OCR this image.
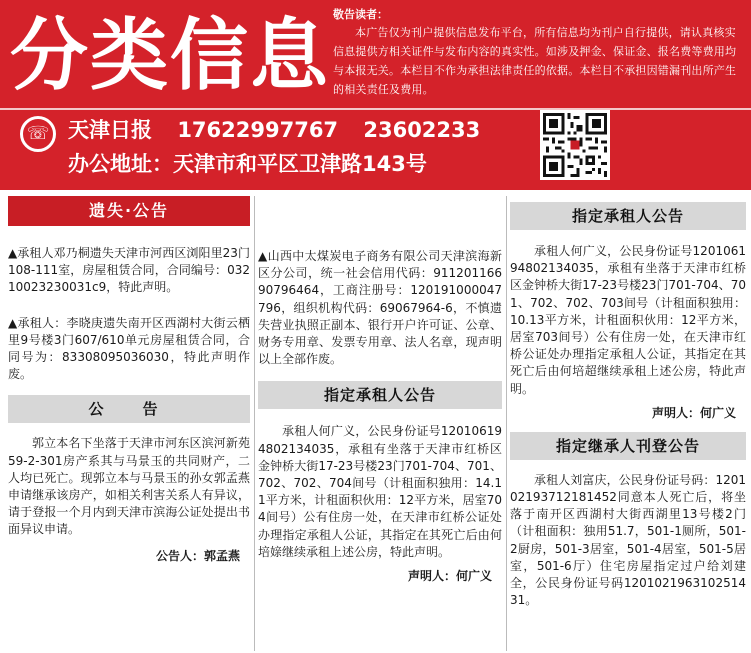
分类信息 敬告读者：
本广告仅为刊户提供信息发布平台，所有信息均为刊户自行提供，请认真核实信息提供方相关证件与发布内容的真实性。如涉及押金、保证金、报名费等费用均与本报无关。本栏目不作为承担法律责任的依据。本栏目不承担因错漏刊出所产生的相关责任及费用。
☏ 天津日报 17622997767 23602233
办公地址：天津市和平区卫津路143号
遗失·公告
▲承租人邓乃桐遗失天津市河西区浏阳里23门108-111室，房屋租赁合同，合同编号：03210023230031c9，特此声明。
▲承租人：李晓庚遗失南开区西湖村大街云栖里9号楼3门607/610单元房屋租赁合同，合同号为：83308095036030，特此声明作废。
公　告
郭立本名下坐落于天津市河东区滨河新苑59-2-301房产系其与马景玉的共同财产，二人均已死亡。现郭立本与马景玉的孙女郭孟燕申请继承该房产，如相关利害关系人有异议，请于登报一个月内到天津市滨海公证处提出书面异议申请。
公告人：郭孟燕
▲山西中太煤炭电子商务有限公司天津滨海新区分公司，统一社会信用代码：91120116690796464，工商注册号：120191000047796，组织机构代码：69067964-6，不慎遗失营业执照正副本、银行开户许可证、公章、财务专用章、发票专用章、法人名章，现声明以上全部作废。
指定承租人公告
承租人何广义，公民身份证号120106194802134035，承租有坐落于天津市红桥区金钟桥大街17-23号楼23门701-704、701、702、702、704间号（计租面积独用：14.11平方米，计租面积伙用：12平方米，居室704间号）公有住房一处，在天津市红桥公证处办理指定承租人公证，其指定在其死亡后由何培媇继续承租上述公房，特此声明。
声明人：何广义
指定承租人公告
承租人何广义，公民身份证号120106194802134035，承租有坐落于天津市红桥区金钟桥大街17-23号楼23门701-704、701、702、702、703间号（计租面积独用：10.13平方米，计租面积伙用：12平方米，居室703间号）公有住房一处，在天津市红桥公证处办理指定承租人公证，其指定在其死亡后由何培超继续承租上述公房，特此声明。
声明人：何广义
指定继承人刊登公告
承租人刘富庆，公民身份证号码：120102193712181452同意本人死亡后，将坐落于南开区西湖村大街西湖里13号楼2门（计租面积：独用51.7，501-1厕所，501-2厨房，501-3居室，501-4居室，501-5居室，501-6厅）住宅房屋指定过户给刘建全，公民身份证号码120102196310251431。
